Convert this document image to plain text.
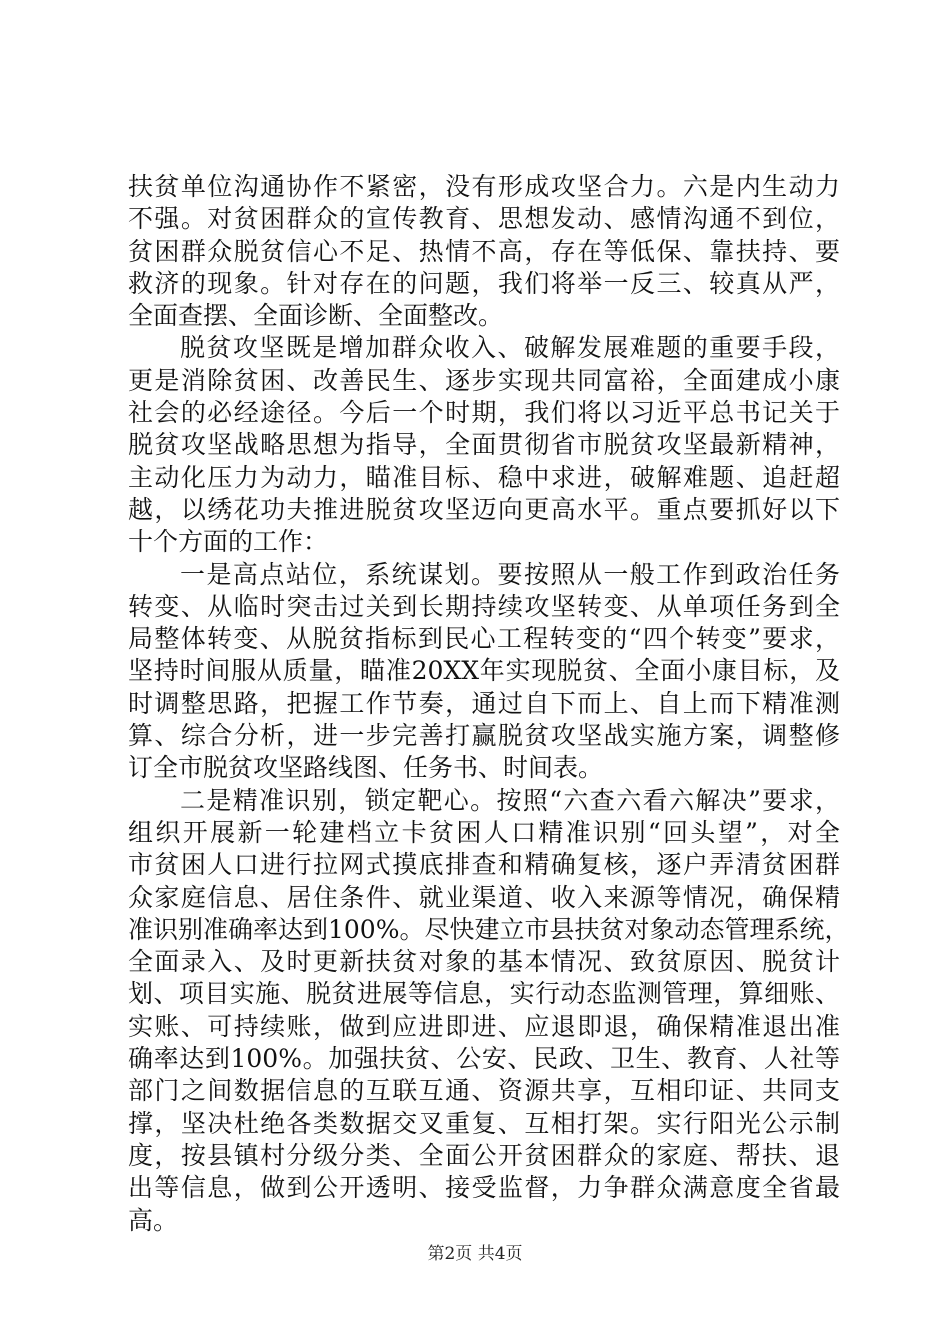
扶贫单位沟通协作不紧密，没有形成攻坚合力。六是内生动力
不强。对贫困群众的宣传教育、思想发动、感情沟通不到位，
贫困群众脱贫信心不足、热情不高，存在等低保、靠扶持、要
救济的现象。针对存在的问题，我们将举一反三、较真从严，
全面查摆、全面诊断、全面整改。
脱贫攻坚既是增加群众收入、破解发展难题的重要手段，
更是消除贫困、改善民生、逐步实现共同富裕，全面建成小康
社会的必经途径。今后一个时期，我们将以习近平总书记关于
脱贫攻坚战略思想为指导，全面贯彻省市脱贫攻坚最新精神，
主动化压力为动力，瞄准目标、稳中求进，破解难题、追赶超
越，以绣花功夫推进脱贫攻坚迈向更高水平。重点要抓好以下
十个方面的工作：
一是高点站位，系统谋划。要按照从一般工作到政治任务
转变、从临时突击过关到长期持续攻坚转变、从单项任务到全
局整体转变、从脱贫指标到民心工程转变的“四个转变”要求，
坚持时间服从质量，瞄准20XX年实现脱贫、全面小康目标，及
时调整思路，把握工作节奏，通过自下而上、自上而下精准测
算、综合分析，进一步完善打赢脱贫攻坚战实施方案，调整修
订全市脱贫攻坚路线图、任务书、时间表。
二是精准识别，锁定靶心。按照“六查六看六解决”要求，
组织开展新一轮建档立卡贫困人口精准识别“回头望”，对全
市贫困人口进行拉网式摸底排查和精确复核，逐户弄清贫困群
众家庭信息、居住条件、就业渠道、收入来源等情况，确保精
准识别准确率达到100%。尽快建立市县扶贫对象动态管理系统，
全面录入、及时更新扶贫对象的基本情况、致贫原因、脱贫计
划、项目实施、脱贫进展等信息，实行动态监测管理，算细账、
实账、可持续账，做到应进即进、应退即退，确保精准退出准
确率达到100%。加强扶贫、公安、民政、卫生、教育、人社等
部门之间数据信息的互联互通、资源共享，互相印证、共同支
撑，坚决杜绝各类数据交叉重复、互相打架。实行阳光公示制
度，按县镇村分级分类、全面公开贫困群众的家庭、帮扶、退
出等信息，做到公开透明、接受监督，力争群众满意度全省最
高。
第2页 共4页
